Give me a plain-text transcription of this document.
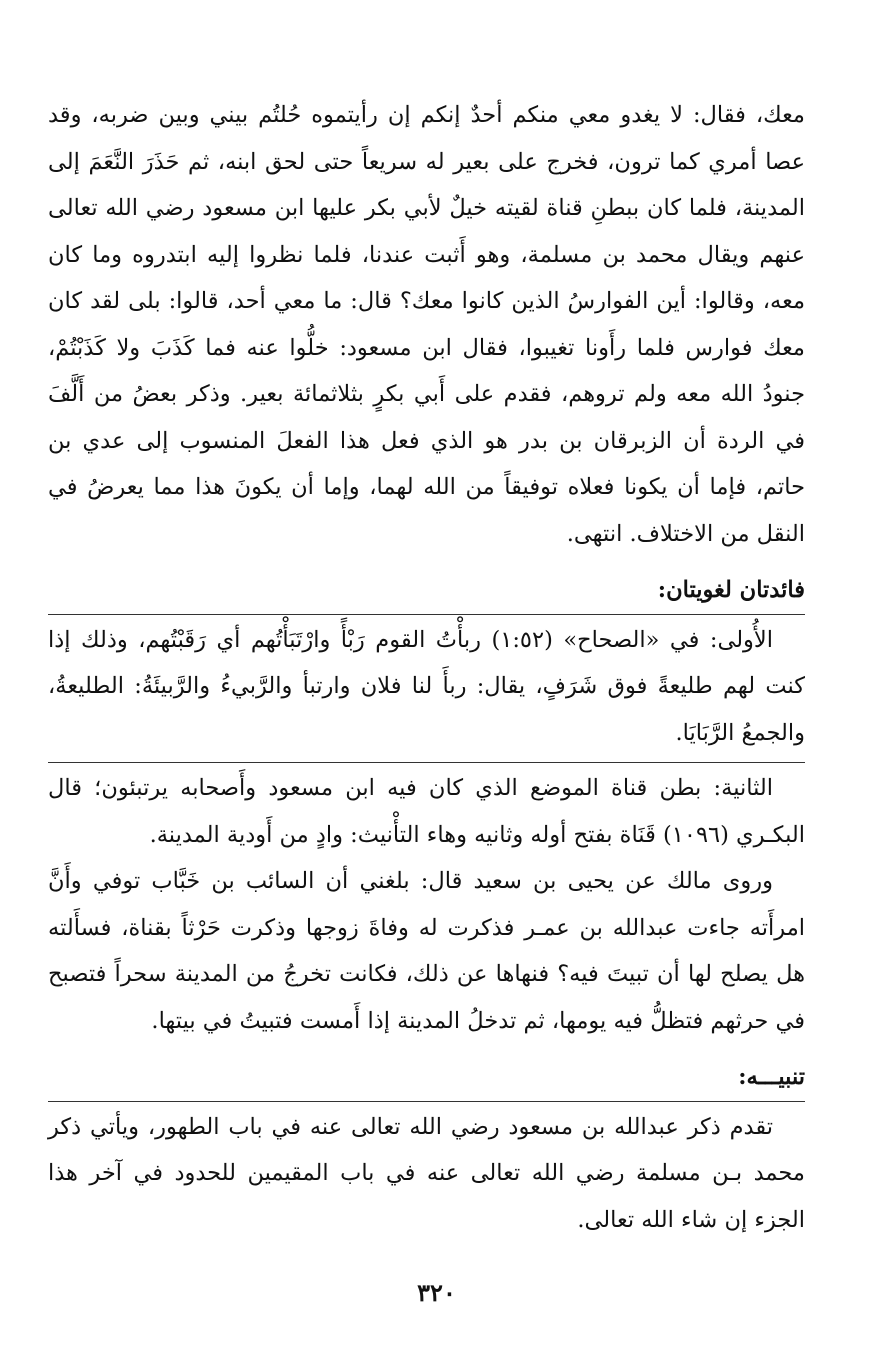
معك، فقال: لا يغدو معي منكم أحدٌ إنكم إن رأيتموه حُلتُم بيني وبين ضربه، وقد عصا أمري كما ترون، فخرج على بعير له سريعاً حتى لحق ابنه، ثم حَذَرَ النَّعَمَ إلى المدينة، فلما كان ببطنِ قناة لقيته خيلٌ لأبي بكر عليها ابن مسعود رضي الله تعالى عنهم ويقال محمد بن مسلمة، وهو أَثبت عندنا، فلما نظروا إليه ابتدروه وما كان معه، وقالوا: أين الفوارسُ الذين كانوا معك؟ قال: ما معي أحد، قالوا: بلى لقد كان معك فوارس فلما رأَونا تغيبوا، فقال ابن مسعود: خلُّوا عنه فما كَذَبَ ولا كَذَبْتُمْ، جنودُ الله معه ولم تروهم، فقدم على أَبي بكرٍ بثلاثمائة بعير. وذكر بعضُ من أَلَّفَ في الردة أن الزبرقان بن بدر هو الذي فعل هذا الفعلَ المنسوب إلى عدي بن حاتم، فإما أن يكونا فعلاه توفيقاً من الله لهما، وإما أن يكونَ هذا مما يعرضُ في النقل من الاختلاف. انتهى.

فائدتان لغويتان:

الأُولى: في «الصحاح» (١:٥٢) ربأْتُ القوم رَبْأً وارْتَبَأْتُهم أي رَقَبْتُهم، وذلك إذا كنت لهم طليعةً فوق شَرَفٍ، يقال: ربأَ لنا فلان وارتبأ والرَّبيءُ والرَّبيئَةُ: الطليعةُ، والجمعُ الرَّبَايَا.

الثانية: بطن قناة الموضع الذي كان فيه ابن مسعود وأَصحابه يرتبئون؛ قال البكـري (١٠٩٦) قَنَاة بفتح أوله وثانيه وهاء التأْنيث: وادٍ من أَودية المدينة.

وروى مالك عن يحيى بن سعيد قال: بلغني أن السائب بن خَبَّاب توفي وأَنَّ امرأَته جاءت عبدالله بن عمـر فذكرت له وفاةَ زوجها وذكرت حَرْثاً بقناة، فسأَلته هل يصلح لها أن تبيتَ فيه؟ فنهاها عن ذلك، فكانت تخرجُ من المدينة سحراً فتصبح في حرثهم فتظلُّ فيه يومها، ثم تدخلُ المدينة إذا أَمست فتبيتُ في بيتها.

تنبيـــه:

تقدم ذكر عبدالله بن مسعود رضي الله تعالى عنه في باب الطهور، ويأتي ذكر محمد بـن مسلمة رضي الله تعالى عنه في باب المقيمين للحدود في آخر هذا الجزء إن شاء الله تعالى.

٣٢٠
